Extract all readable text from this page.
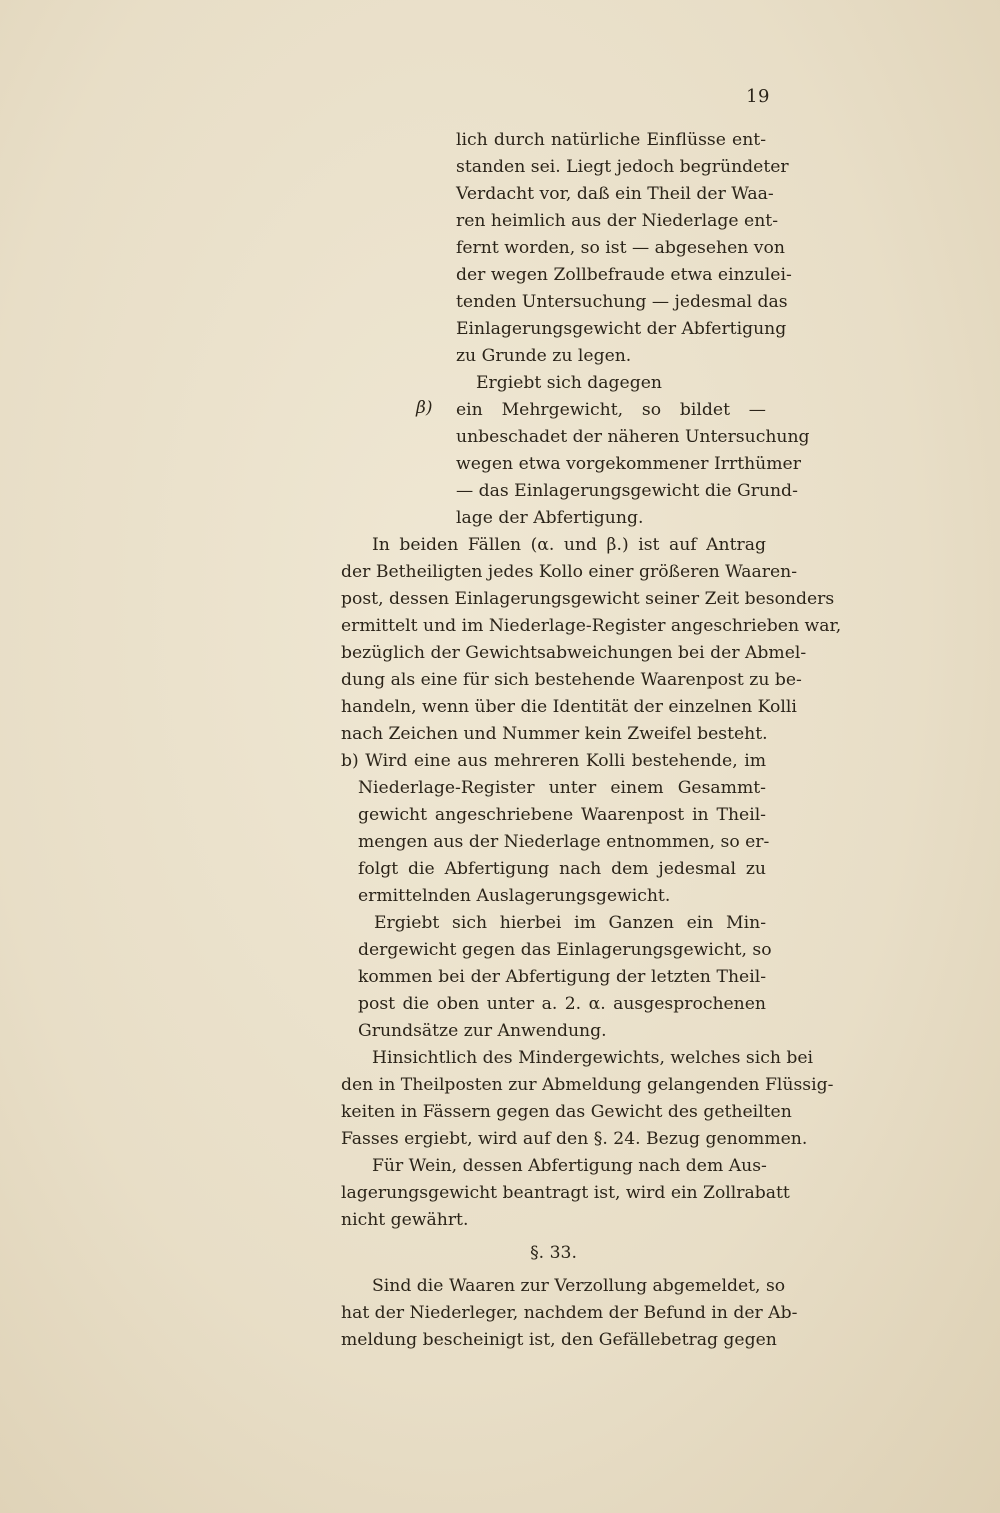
19

lich durch natürliche Einflüsse ent-

standen sei. Liegt jedoch begründeter

Verdacht vor, daß ein Theil der Waa-

ren heimlich aus der Niederlage ent-

fernt worden, so ist — abgesehen von

der wegen Zollbefraude etwa einzulei-

tenden Untersuchung — jedesmal das

Einlagerungsgewicht der Abfertigung

zu Grunde zu legen.

Ergiebt sich dagegen

β) ein Mehrgewicht, so bildet —

unbeschadet der näheren Untersuchung

wegen etwa vorgekommener Irrthümer

— das Einlagerungsgewicht die Grund-

lage der Abfertigung.

In beiden Fällen (α. und β.) ist auf Antrag

der Betheiligten jedes Kollo einer größeren Waaren-

post, dessen Einlagerungsgewicht seiner Zeit besonders

ermittelt und im Niederlage-Register angeschrieben war,

bezüglich der Gewichtsabweichungen bei der Abmel-

dung als eine für sich bestehende Waarenpost zu be-

handeln, wenn über die Identität der einzelnen Kolli

nach Zeichen und Nummer kein Zweifel besteht.

b) Wird eine aus mehreren Kolli bestehende, im

Niederlage-Register unter einem Gesammt-

gewicht angeschriebene Waarenpost in Theil-

mengen aus der Niederlage entnommen, so er-

folgt die Abfertigung nach dem jedesmal zu

ermittelnden Auslagerungsgewicht.

Ergiebt sich hierbei im Ganzen ein Min-

dergewicht gegen das Einlagerungsgewicht, so

kommen bei der Abfertigung der letzten Theil-

post die oben unter a. 2. α. ausgesprochenen

Grundsätze zur Anwendung.

Hinsichtlich des Mindergewichts, welches sich bei

den in Theilposten zur Abmeldung gelangenden Flüssig-

keiten in Fässern gegen das Gewicht des getheilten

Fasses ergiebt, wird auf den §. 24. Bezug genommen.

Für Wein, dessen Abfertigung nach dem Aus-

lagerungsgewicht beantragt ist, wird ein Zollrabatt

nicht gewährt.

§. 33.

Sind die Waaren zur Verzollung abgemeldet, so

hat der Niederleger, nachdem der Befund in der Ab-

meldung bescheinigt ist, den Gefällebetrag gegen
